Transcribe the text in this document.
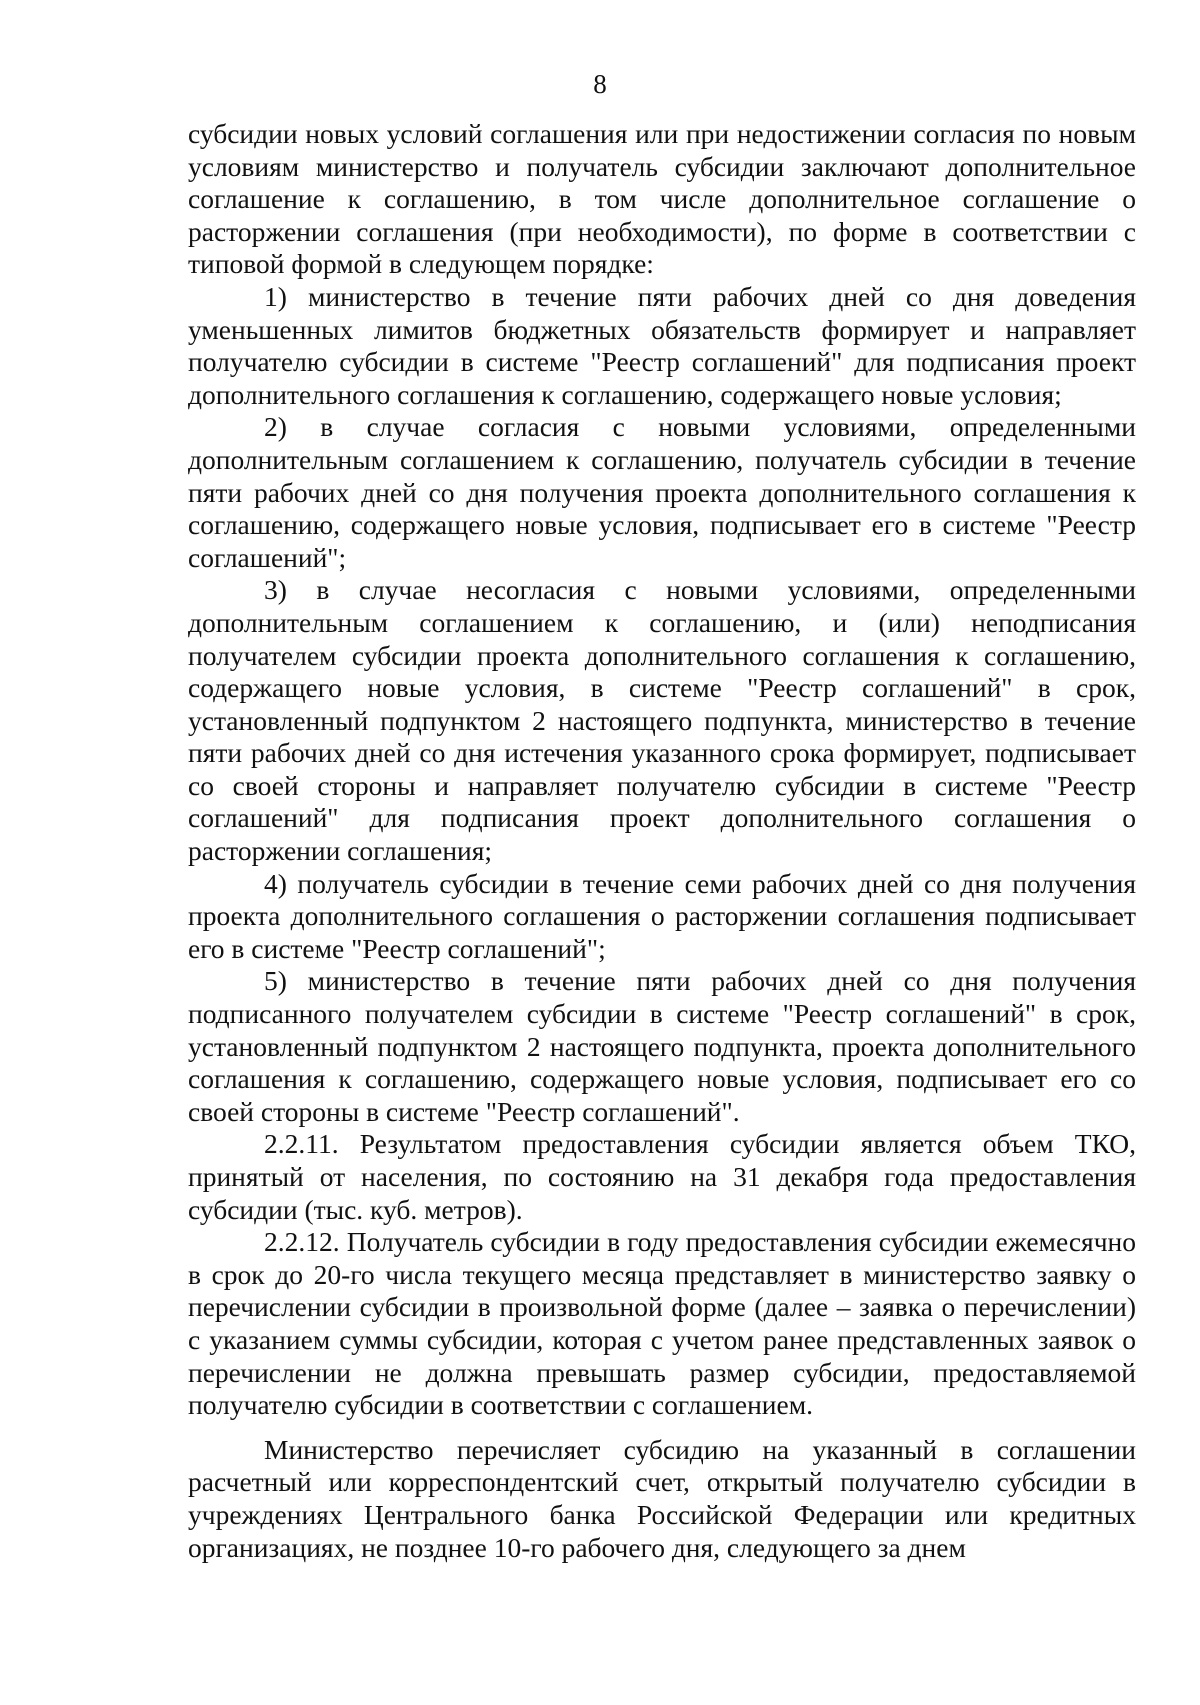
8

субсидии новых условий соглашения или при недостижении согласия по новым условиям министерство и получатель субсидии заключают дополнительное соглашение к соглашению, в том числе дополнительное соглашение о расторжении соглашения (при необходимости), по форме в соответствии с типовой формой в следующем порядке:

1) министерство в течение пяти рабочих дней со дня доведения уменьшенных лимитов бюджетных обязательств формирует и направляет получателю субсидии в системе "Реестр соглашений" для подписания проект дополнительного соглашения к соглашению, содержащего новые условия;

2) в случае согласия с новыми условиями, определенными дополнительным соглашением к соглашению, получатель субсидии в течение пяти рабочих дней со дня получения проекта дополнительного соглашения к соглашению, содержащего новые условия, подписывает его в системе "Реестр соглашений";

3) в случае несогласия с новыми условиями, определенными дополнительным соглашением к соглашению, и (или) неподписания получателем субсидии проекта дополнительного соглашения к соглашению, содержащего новые условия, в системе "Реестр соглашений" в срок, установленный подпунктом 2 настоящего подпункта, министерство в течение пяти рабочих дней со дня истечения указанного срока формирует, подписывает со своей стороны и направляет получателю субсидии в системе "Реестр соглашений" для подписания проект дополнительного соглашения о расторжении соглашения;

4) получатель субсидии в течение семи рабочих дней со дня получения проекта дополнительного соглашения о расторжении соглашения подписывает его в системе "Реестр соглашений";

5) министерство в течение пяти рабочих дней со дня получения подписанного получателем субсидии в системе "Реестр соглашений" в срок, установленный подпунктом 2 настоящего подпункта, проекта дополнительного соглашения к соглашению, содержащего новые условия, подписывает его со своей стороны в системе "Реестр соглашений".

2.2.11. Результатом предоставления субсидии является объем ТКО, принятый от населения, по состоянию на 31 декабря года предоставления субсидии (тыс. куб. метров).

2.2.12. Получатель субсидии в году предоставления субсидии ежемесячно в срок до 20-го числа текущего месяца представляет в министерство заявку о перечислении субсидии в произвольной форме (далее – заявка о перечислении) с указанием суммы субсидии, которая с учетом ранее представленных заявок о перечислении не должна превышать размер субсидии, предоставляемой получателю субсидии в соответствии с соглашением.

Министерство перечисляет субсидию на указанный в соглашении расчетный или корреспондентский счет, открытый получателю субсидии в учреждениях Центрального банка Российской Федерации или кредитных организациях, не позднее 10-го рабочего дня, следующего за днем
